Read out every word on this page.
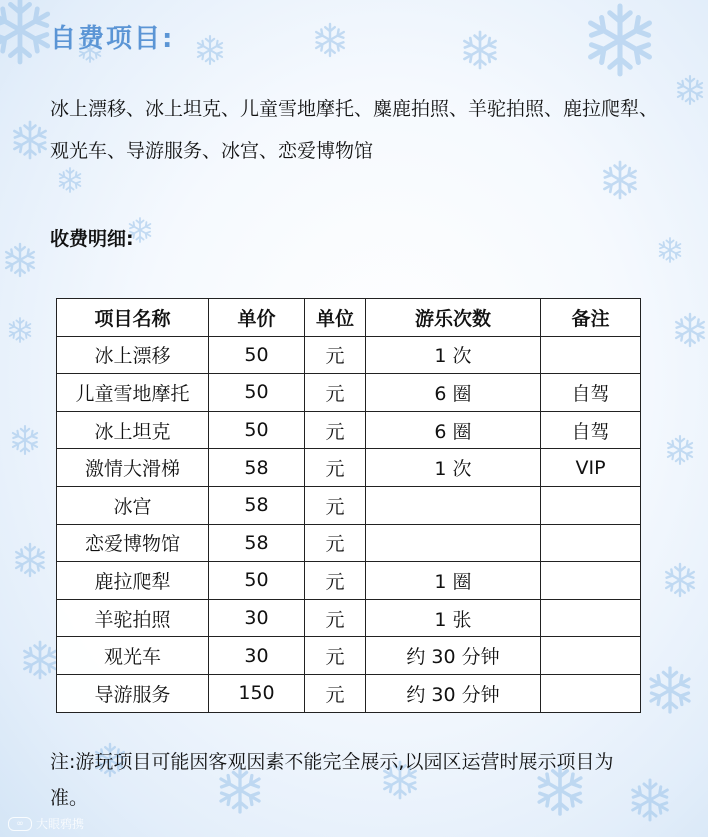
自费项目:
冰上漂移、冰上坦克、儿童雪地摩托、麋鹿拍照、羊驼拍照、鹿拉爬犁、观光车、导游服务、冰宫、恋爱博物馆
收费明细:
项目名称	单价	单位	游乐次数	备注
冰上漂移	50	元	1 次	
儿童雪地摩托	50	元	6 圈	自驾
冰上坦克	50	元	6 圈	自驾
激情大滑梯	58	元	1 次	VIP
冰宫	58	元		
恋爱博物馆	58	元		
鹿拉爬犁	50	元	1 圈	
羊驼拍照	30	元	1 张	
观光车	30	元	约 30 分钟	
导游服务	150	元	约 30 分钟	
注:游玩项目可能因客观因素不能完全展示,以园区运营时展示项目为准。
∞	大眼鸦携
